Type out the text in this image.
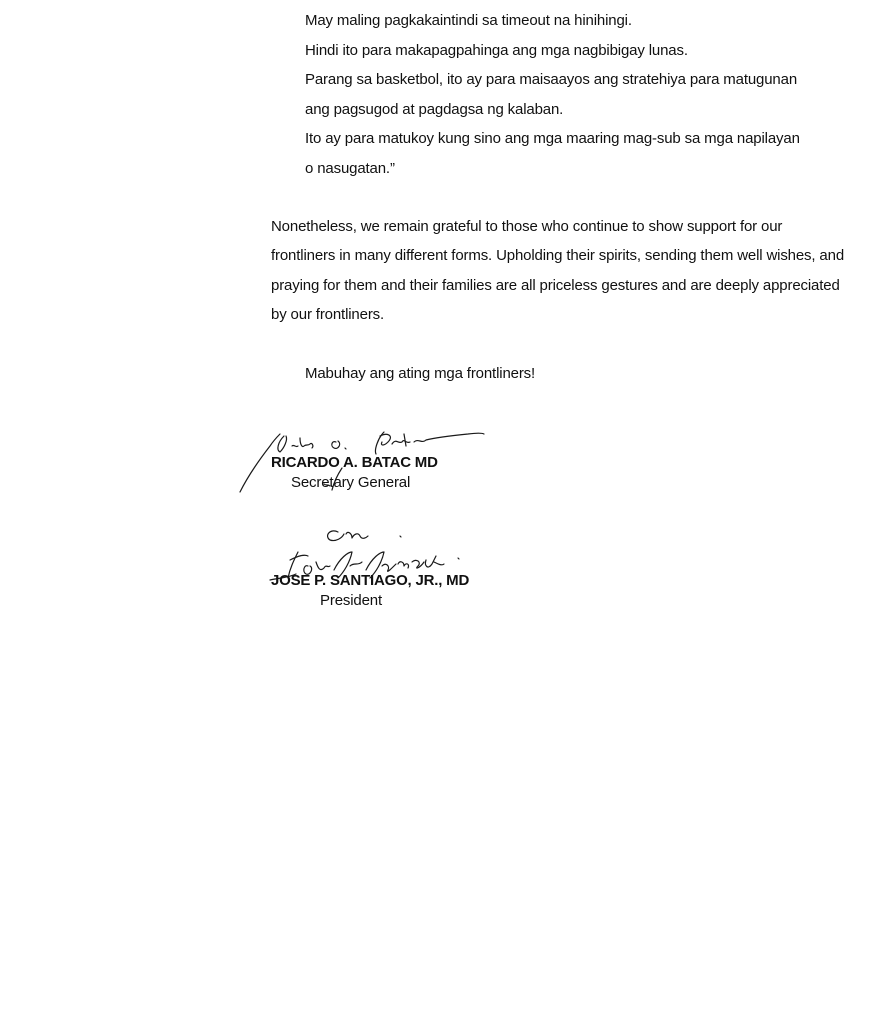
May maling pagkakaintindi sa timeout na hinihingi.
Hindi ito para makapagpahinga ang mga nagbibigay lunas.
Parang sa basketbol, ito ay para maisaayos ang stratehiya para matugunan
ang pagsugod at pagdagsa ng kalaban.
Ito ay para matukoy kung sino ang mga maaring mag-sub sa mga napilayan
o nasugatan.”
Nonetheless, we remain grateful to those who continue to show support for our
frontliners in many different forms. Upholding their spirits, sending them well wishes, and
praying for them and their families are all priceless gestures and are deeply appreciated
by our frontliners.
Mabuhay ang ating mga frontliners!
RICARDO A. BATAC MD
Secretary General
JOSE P. SANTIAGO, JR., MD
President
